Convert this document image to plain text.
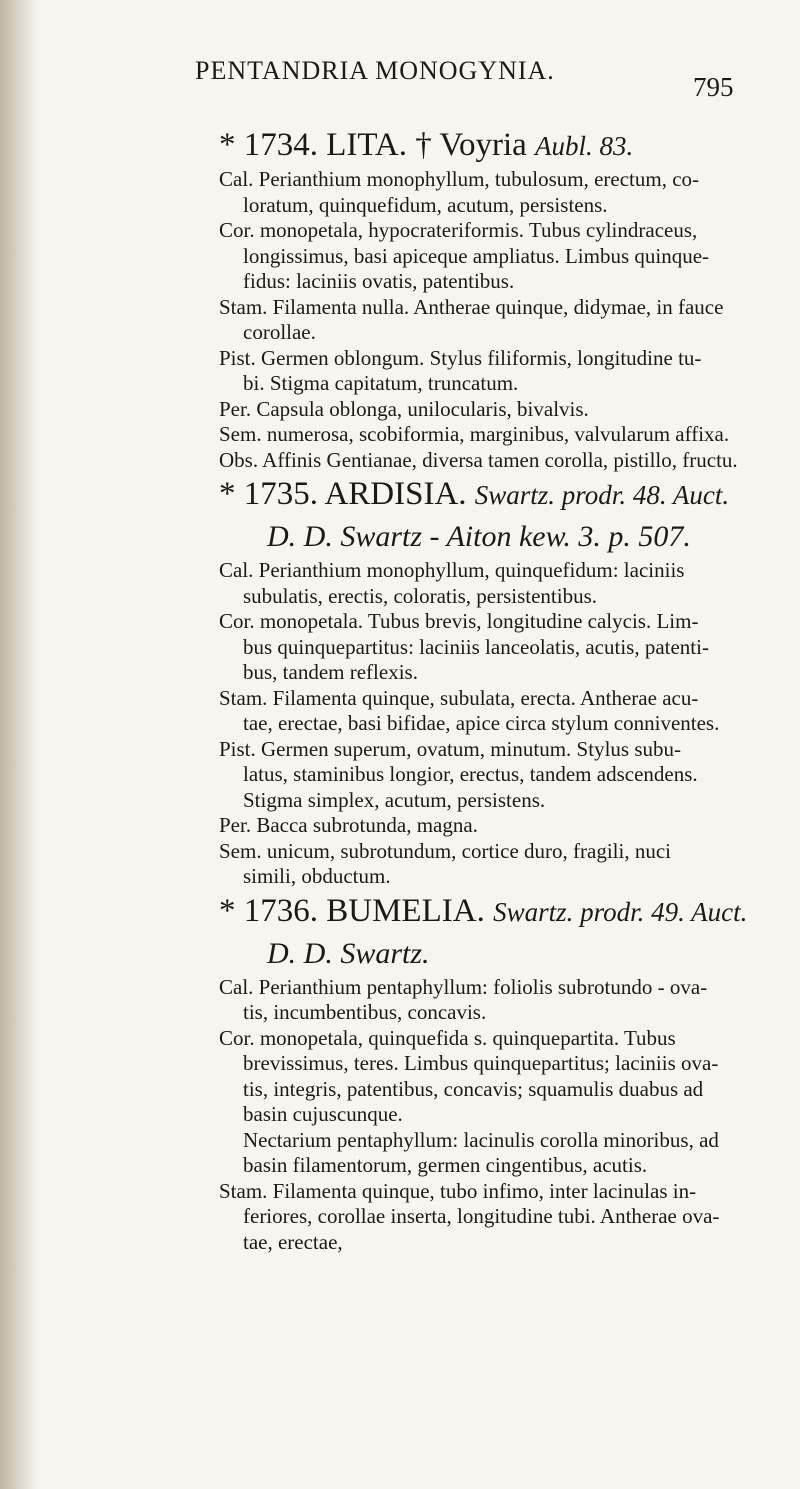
PENTANDRIA MONOGYNIA.
795
* 1734. LITA. † Voyria Aubl. 83.
Cal. Perianthium monophyllum, tubulosum, erectum, co-
loratum, quinquefidum, acutum, persistens.
Cor. monopetala, hypocrateriformis. Tubus cylindraceus,
longissimus, basi apiceque ampliatus. Limbus quinque-
fidus: laciniis ovatis, patentibus.
Stam. Filamenta nulla. Antherae quinque, didymae, in fauce
corollae.
Pist. Germen oblongum. Stylus filiformis, longitudine tu-
bi. Stigma capitatum, truncatum.
Per. Capsula oblonga, unilocularis, bivalvis.
Sem. numerosa, scobiformia, marginibus, valvularum affixa.
Obs. Affinis Gentianae, diversa tamen corolla, pistillo, fructu.
* 1735. ARDISIA. Swartz. prodr. 48. Auct.
D. D. Swartz - Aiton kew. 3. p. 507.
Cal. Perianthium monophyllum, quinquefidum: laciniis
subulatis, erectis, coloratis, persistentibus.
Cor. monopetala. Tubus brevis, longitudine calycis. Lim-
bus quinquepartitus: laciniis lanceolatis, acutis, patenti-
bus, tandem reflexis.
Stam. Filamenta quinque, subulata, erecta. Antherae acu-
tae, erectae, basi bifidae, apice circa stylum conniventes.
Pist. Germen superum, ovatum, minutum. Stylus subu-
latus, staminibus longior, erectus, tandem adscendens.
Stigma simplex, acutum, persistens.
Per. Bacca subrotunda, magna.
Sem. unicum, subrotundum, cortice duro, fragili, nuci
simili, obductum.
* 1736. BUMELIA. Swartz. prodr. 49. Auct.
D. D. Swartz.
Cal. Perianthium pentaphyllum: foliolis subrotundo - ova-
tis, incumbentibus, concavis.
Cor. monopetala, quinquefida s. quinquepartita. Tubus
brevissimus, teres. Limbus quinquepartitus; laciniis ova-
tis, integris, patentibus, concavis; squamulis duabus ad
basin cujuscunque.
Nectarium pentaphyllum: lacinulis corolla minoribus, ad
basin filamentorum, germen cingentibus, acutis.
Stam. Filamenta quinque, tubo infimo, inter lacinulas in-
feriores, corollae inserta, longitudine tubi. Antherae ova-
tae, erectae,
